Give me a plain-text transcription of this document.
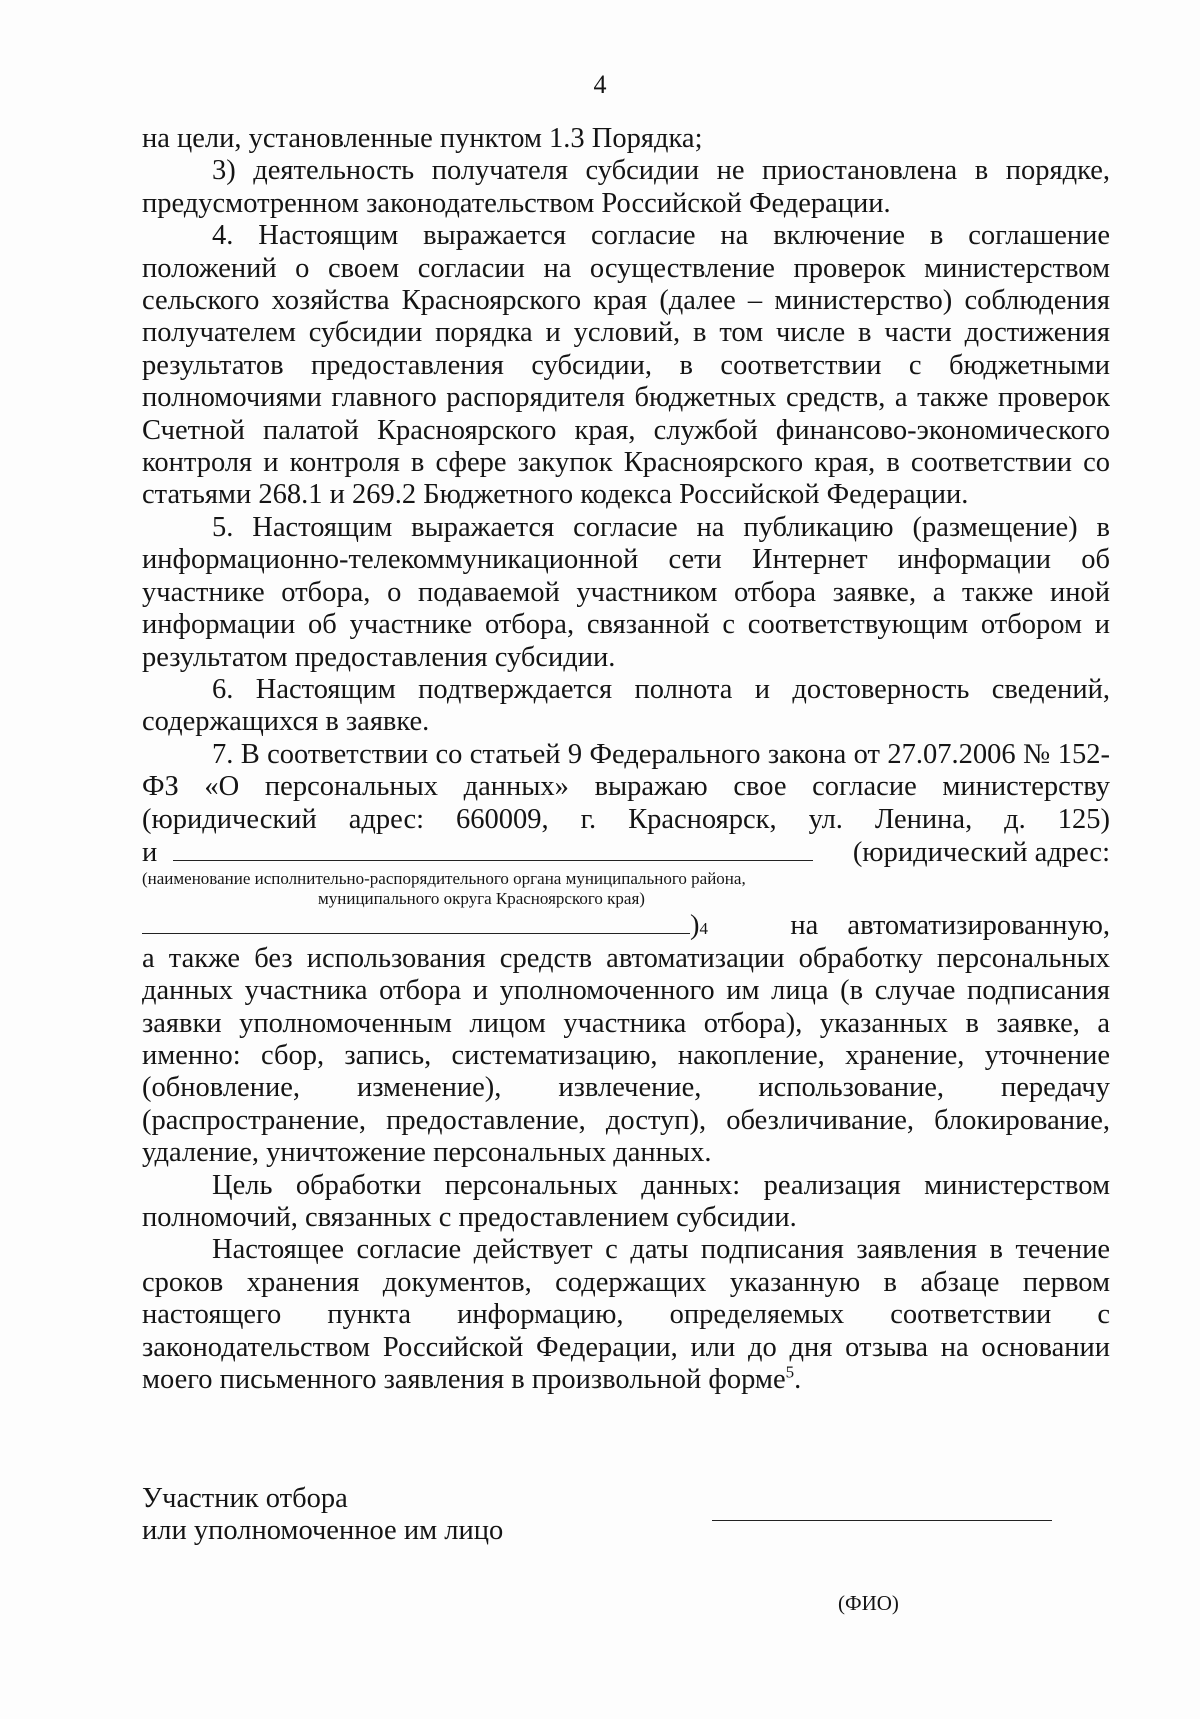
4

на цели, установленные пунктом 1.3 Порядка;

3) деятельность получателя субсидии не приостановлена в порядке, предусмотренном законодательством Российской Федерации.

4. Настоящим выражается согласие на включение в соглашение положений о своем согласии на осуществление проверок министерством сельского хозяйства Красноярского края (далее – министерство) соблюдения получателем субсидии порядка и условий, в том числе в части достижения результатов предоставления субсидии, в соответствии с бюджетными полномочиями главного распорядителя бюджетных средств, а также проверок Счетной палатой Красноярского края, службой финансово-экономического контроля и контроля в сфере закупок Красноярского края, в соответствии со статьями 268.1 и 269.2 Бюджетного кодекса Российской Федерации.

5. Настоящим выражается согласие на публикацию (размещение) в информационно-телекоммуникационной сети Интернет информации об участнике отбора, о подаваемой участником отбора заявке, а также иной информации об участнике отбора, связанной с соответствующим отбором и результатом предоставления субсидии.

6. Настоящим подтверждается полнота и достоверность сведений, содержащихся в заявке.

7. В соответствии со статьей 9 Федерального закона от 27.07.2006 № 152-ФЗ «О персональных данных» выражаю свое согласие министерству (юридический адрес: 660009, г. Красноярск, ул. Ленина, д. 125)

и	(юридический адрес:

(наименование исполнительно-распорядительного органа муниципального района,

муниципального округа Красноярского края)

) 4	на автоматизированную,

а также без использования средств автоматизации обработку персональных данных участника отбора и уполномоченного им лица (в случае подписания заявки уполномоченным лицом участника отбора), указанных в заявке, а именно: сбор, запись, систематизацию, накопление, хранение, уточнение (обновление, изменение), извлечение, использование, передачу (распространение, предоставление, доступ), обезличивание, блокирование, удаление, уничтожение персональных данных.

Цель обработки персональных данных: реализация министерством полномочий, связанных с предоставлением субсидии.

Настоящее согласие действует с даты подписания заявления в течение сроков хранения документов, содержащих указанную в абзаце первом настоящего пункта информацию, определяемых соответствии с законодательством Российской Федерации, или до дня отзыва на основании моего письменного заявления в произвольной форме$^5$.

Участник отбора
или уполномоченное им лицо
(ФИО)
